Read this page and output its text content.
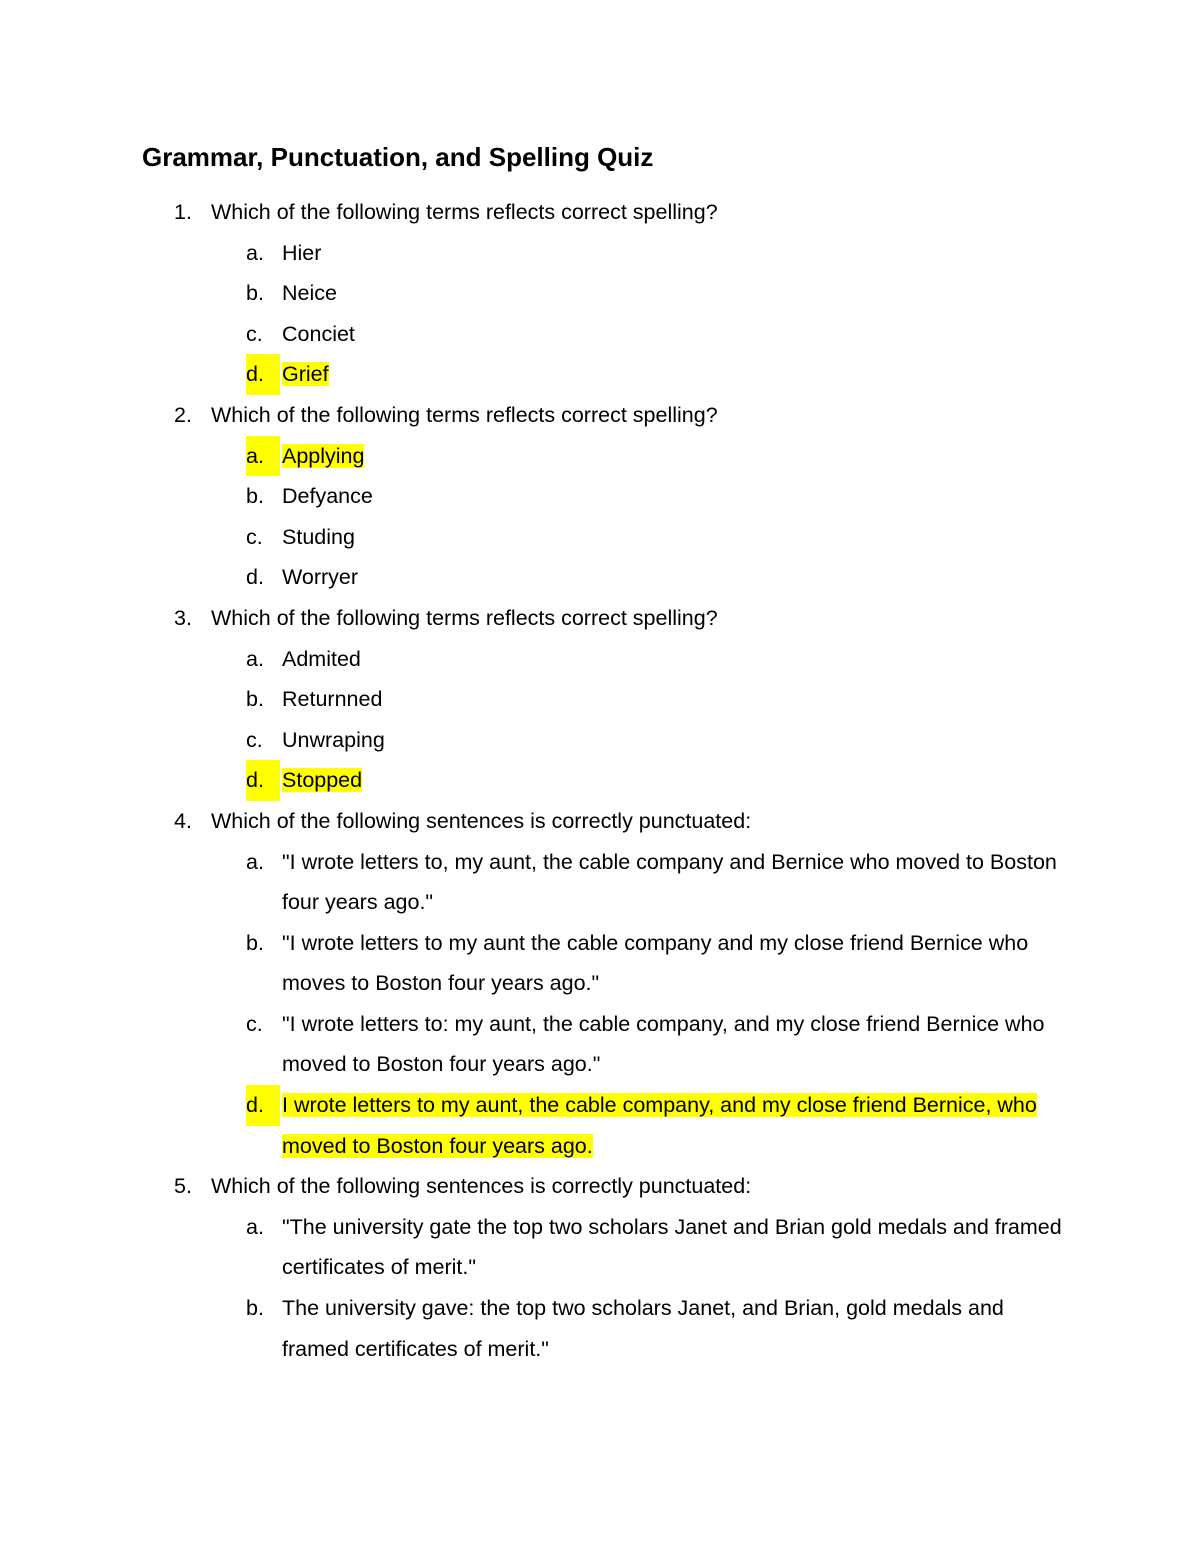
Grammar, Punctuation, and Spelling Quiz
1. Which of the following terms reflects correct spelling?
a. Hier
b. Neice
c. Conciet
d. Grief
2. Which of the following terms reflects correct spelling?
a. Applying
b. Defyance
c. Studing
d. Worryer
3. Which of the following terms reflects correct spelling?
a. Admited
b. Returnned
c. Unwraping
d. Stopped
4. Which of the following sentences is correctly punctuated:
a. "I wrote letters to, my aunt, the cable company and Bernice who moved to Boston four years ago."
b. "I wrote letters to my aunt the cable company and my close friend Bernice who moves to Boston four years ago."
c. "I wrote letters to: my aunt, the cable company, and my close friend Bernice who moved to Boston four years ago."
d. I wrote letters to my aunt, the cable company, and my close friend Bernice, who moved to Boston four years ago.
5. Which of the following sentences is correctly punctuated:
a. "The university gate the top two scholars Janet and Brian gold medals and framed certificates of merit."
b. The university gave: the top two scholars Janet, and Brian, gold medals and framed certificates of merit."
